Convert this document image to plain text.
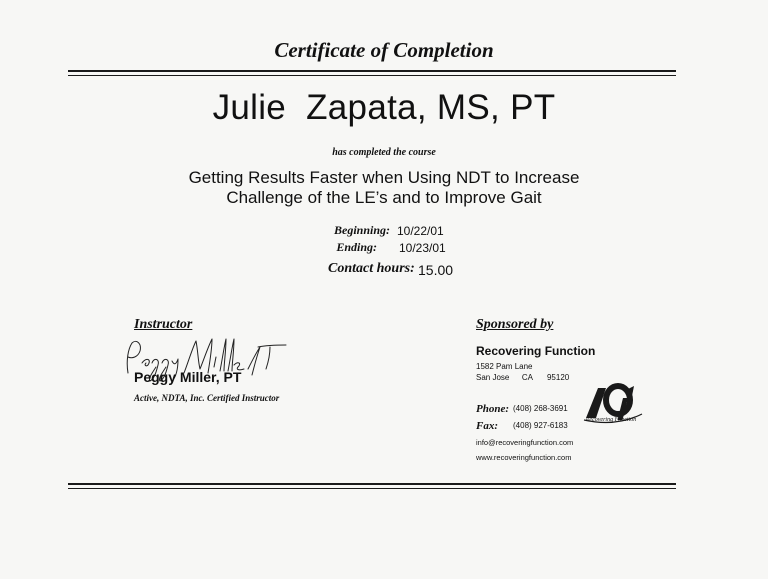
Certificate of Completion
Julie  Zapata, MS, PT
has completed the course
Getting Results Faster when Using NDT to Increase
Challenge of the LE’s and to Improve Gait
Beginning: 10/22/01
Ending: 10/23/01
Contact hours: 15.00
Instructor
Peggy Miller, PT
Active, NDTA, Inc. Certified Instructor
Sponsored by
Recovering Function
1582 Pam Lane
San Jose CA 95120
Phone: (408) 268-3691
Fax: (408) 927-6183
info@recoveringfunction.com
www.recoveringfunction.com
Recovering Function
